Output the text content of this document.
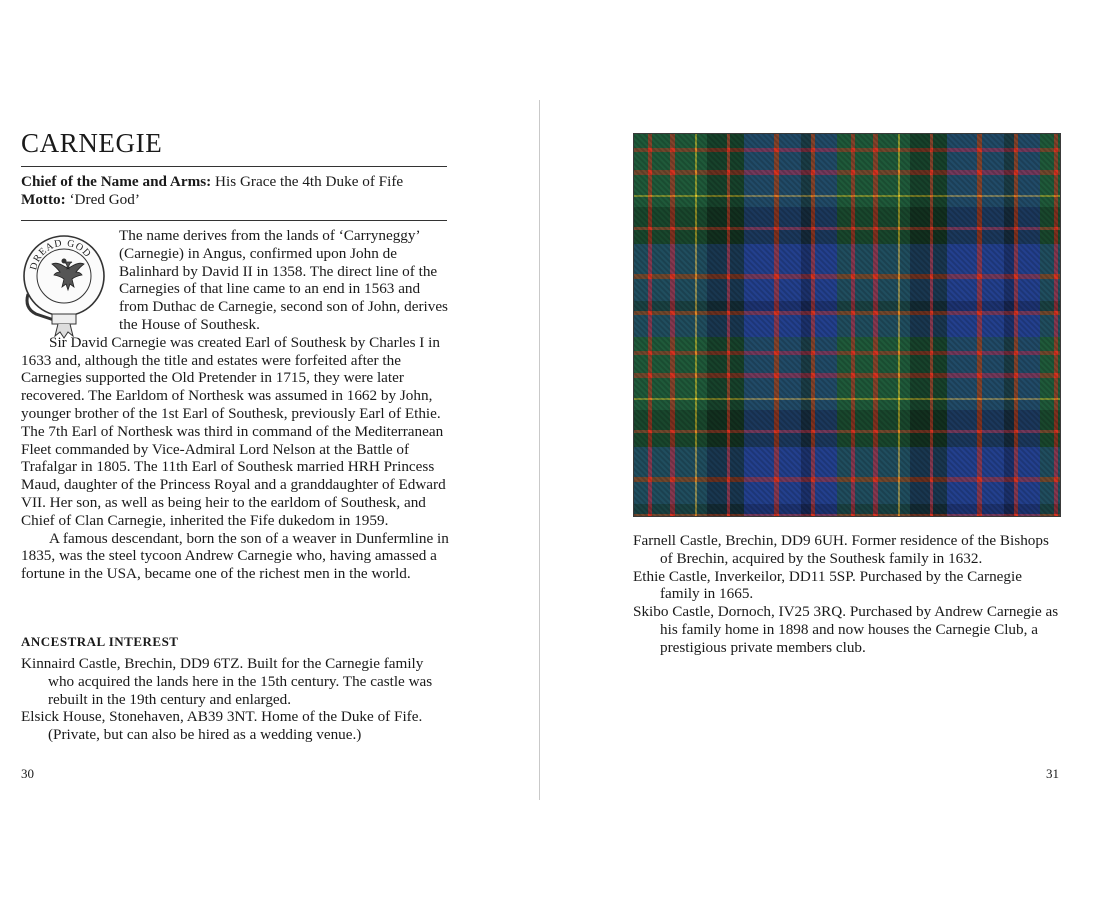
CARNEGIE
Chief of the Name and Arms: His Grace the 4th Duke of Fife
Motto: ‘Dred God’
DREAD GOD

The name derives from the lands of ‘Carryneggy’ (Carnegie) in Angus, confirmed upon John de Balinhard by David II in 1358. The direct line of the Carnegies of that line came to an end in 1563 and from Duthac de Carnegie, second son of John, derives the House of Southesk.

Sir David Carnegie was created Earl of Southesk by Charles I in 1633 and, although the title and estates were forfeited after the Carnegies supported the Old Pretender in 1715, they were later recovered. The Earldom of Northesk was assumed in 1662 by John, younger brother of the 1st Earl of Southesk, previously Earl of Ethie. The 7th Earl of Northesk was third in command of the Mediterranean Fleet commanded by Vice-Admiral Lord Nelson at the Battle of Trafalgar in 1805. The 11th Earl of Southesk married HRH Princess Maud, daughter of the Princess Royal and a granddaughter of Edward VII. Her son, as well as being heir to the earldom of Southesk, and Chief of Clan Carnegie, inherited the Fife dukedom in 1959.

A famous descendant, born the son of a weaver in Dunfermline in 1835, was the steel tycoon Andrew Carnegie who, having amassed a fortune in the USA, became one of the richest men in the world.

ANCESTRAL INTEREST

Kinnaird Castle, Brechin, DD9 6TZ. Built for the Carnegie family who acquired the lands here in the 15th century. The castle was rebuilt in the 19th century and enlarged.

Elsick House, Stonehaven, AB39 3NT. Home of the Duke of Fife. (Private, but can also be hired as a wedding venue.)

30

Farnell Castle, Brechin, DD9 6UH. Former residence of the Bishops of Brechin, acquired by the Southesk family in 1632.

Ethie Castle, Inverkeilor, DD11 5SP. Purchased by the Carnegie family in 1665.

Skibo Castle, Dornoch, IV25 3RQ. Purchased by Andrew Carnegie as his family home in 1898 and now houses the Carnegie Club, a prestigious private members club.

31
